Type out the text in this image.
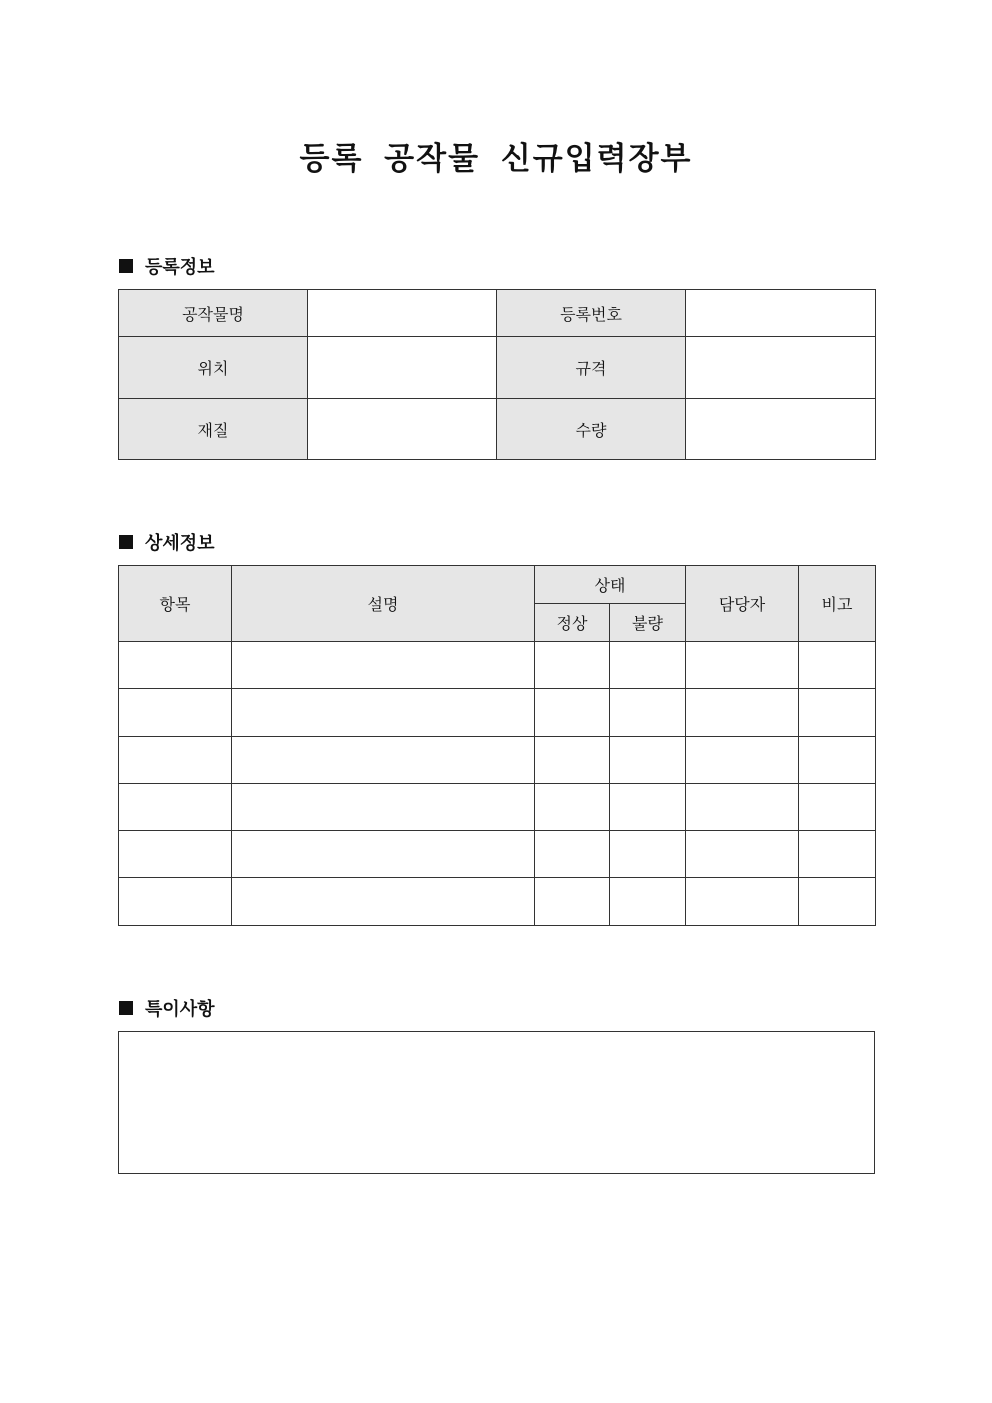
등록 공작물 신규입력장부
등록정보
공작물명		등록번호	
위치		규격	
재질		수량	
상세정보
항목	설명	상태		담당자	비고
		정상	불량		

특이사항
